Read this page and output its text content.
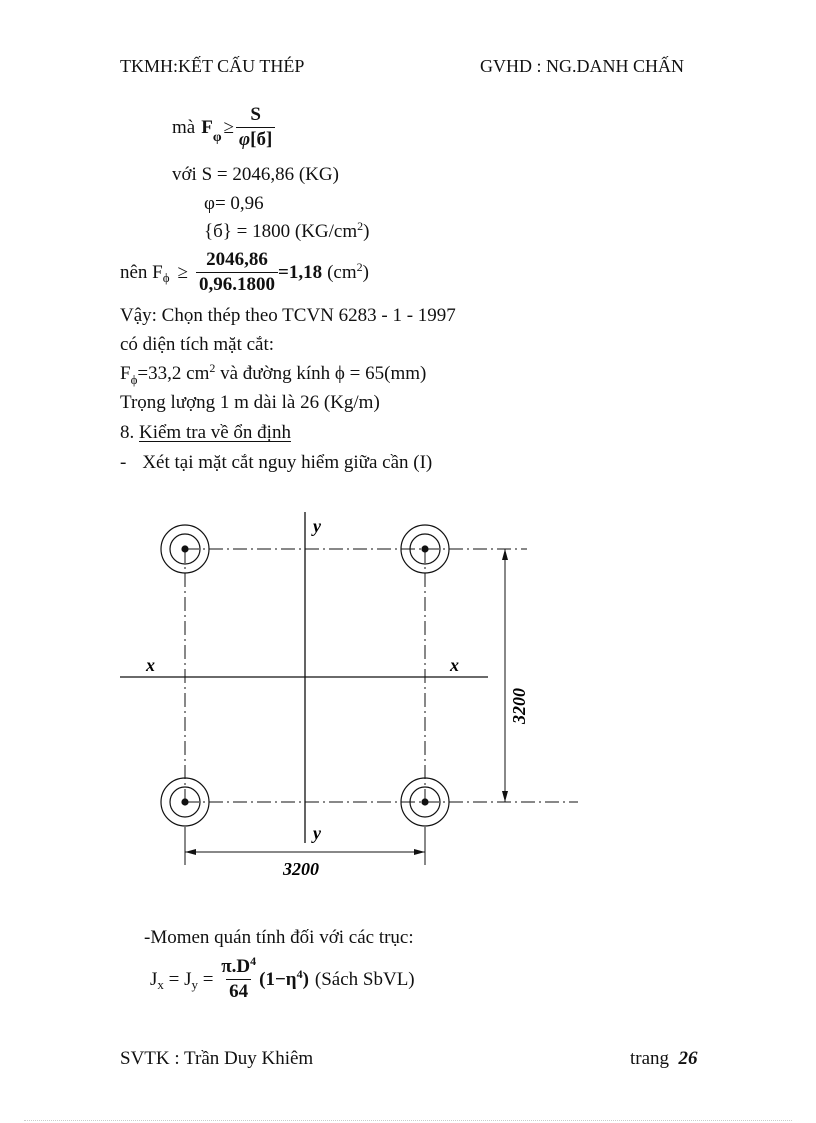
TKMH:KẾT CẤU THÉP	GVHD : NG.DANH CHẤN
mà F $\varphi \ge \frac{S}{\varphi[б]}$
với S = 2046,86 (KG)
φ= 0,96
{б} = 1800 $(KG/cm^2)$
nên F $\phi \ge \frac{2046,86}{0,96.1800} =1,18$ $(cm^2)$
Vậy: Chọn thép theo TCVN 6283 - 1 - 1997
có diện tích mặt cắt:
$F_\phi=33,2$ $cm^2$ và đường kính ϕ = 65(mm)
Trọng lượng 1 m dài là 26 (Kg/m)
8. Kiểm tra về ổn định
- Xét tại mặt cắt nguy hiểm giữa cần (I)
y
y
x	x
3200
3200
-Momen quán tính đối với các trục:
J x = J $y = \frac{\pi.D^4}{64} (1-\eta^4)$ (Sách SbVL)
SVTK : Trần Duy Khiêm	trang 26
